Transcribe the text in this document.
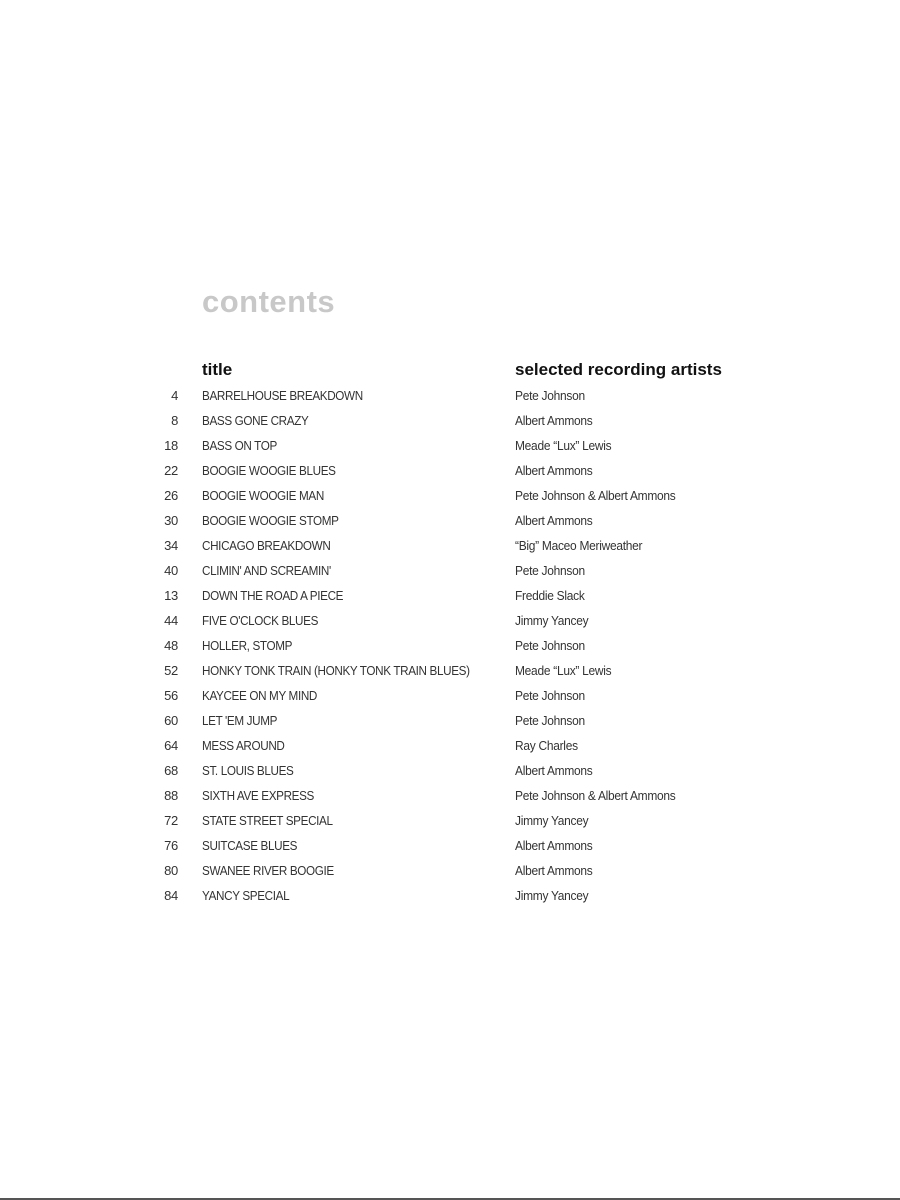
contents
title	selected recording artists
4 BARRELHOUSE BREAKDOWN	Pete Johnson
8 BASS GONE CRAZY	Albert Ammons
18 BASS ON TOP	Meade “Lux” Lewis
22 BOOGIE WOOGIE BLUES	Albert Ammons
26 BOOGIE WOOGIE MAN	Pete Johnson & Albert Ammons
30 BOOGIE WOOGIE STOMP	Albert Ammons
34 CHICAGO BREAKDOWN	“Big” Maceo Meriweather
40 CLIMIN' AND SCREAMIN'	Pete Johnson
13 DOWN THE ROAD A PIECE	Freddie Slack
44 FIVE O'CLOCK BLUES	Jimmy Yancey
48 HOLLER, STOMP	Pete Johnson
52 HONKY TONK TRAIN (HONKY TONK TRAIN BLUES)	Meade “Lux” Lewis
56 KAYCEE ON MY MIND	Pete Johnson
60 LET 'EM JUMP	Pete Johnson
64 MESS AROUND	Ray Charles
68 ST. LOUIS BLUES	Albert Ammons
88 SIXTH AVE EXPRESS	Pete Johnson & Albert Ammons
72 STATE STREET SPECIAL	Jimmy Yancey
76 SUITCASE BLUES	Albert Ammons
80 SWANEE RIVER BOOGIE	Albert Ammons
84 YANCY SPECIAL	Jimmy Yancey
